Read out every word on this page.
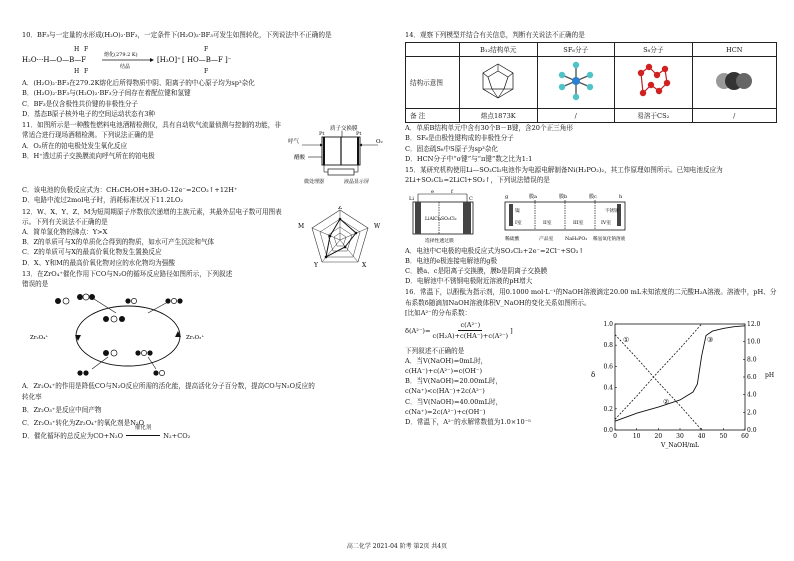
10．BF₃与一定量的水形成(H₂O)₂·BF₃，一定条件下(H₂O)₂·BF₃可发生如图转化，下列说法中不正确的是

H₂O···H—O—B—F
H
H
F
F
熔化(279.2 K)
结晶
[H₃O]⁺ [ HO—B—F ]⁻
F
F

A．(H₂O)₂·BF₃在279.2K熔化后所得物质中阴、阳离子的中心原子均为sp³杂化

B．(H₂O)₂·BF₃与(H₂O)₂·BF₃分子间存在着配位键和氢键

C．BF₃是仅含极性共价键的非极性分子

D．基态B原子核外电子的空间运动状态有3种

11．如图所示是一种酸性燃料电池酒精检测仪，具有自动吹气流量侦测与控制的功能，非常适合进行现场酒精检测。下列说法正确的是

A．O₂所在的铂电极处发生氧化反应

B．H⁺透过质子交换膜流向呼气所在的铂电极

质子交换膜
Pt	Pt
呼气	O₂
醋酸
微处理器	液晶显示屏

C．该电池的负极反应式为：CH₃CH₂OH+3H₂O-12e⁻=2CO₂↑+12H⁺

D．电路中流过2mol电子时，消耗标准状况下11.2LO₂

12．W、X、Y、Z、M为短周期原子序数依次递增的主族元素，其最外层电子数可用图表示。下列有关说法不正确的是

A．简单氢化物的沸点：Y>X

B．Z的单质可与X的单质化合得到的物质，如水可产生沉淀和气体

C．Z的单质可与X的最高价氧化物发生置换反应

D．X、Y和M的最高价氧化物对应的水化物均为强酸

W
X
Y
M
Z

13．在ZrO₄⁺催化作用下CO与N₂O的循环反应路径如图所示，下列叙述

错误的是

Zr₂O₄⁺	Zr₂O₃⁺

A．Zr₂O₄⁺的作用是降低CO与N₂O反应所需的活化能，提高活化分子百分数，提高CO与N₂O反应的

转化率

B．Zr₂O₃⁺是反应中间产物

C．Zr₂O₃⁺转化为Zr₂O₄⁺的氧化剂是N₂O

D．催化循环的总反应为CO+N₂O
催化剂
N₂+CO₂

14．观察下列模型并结合有关信息，判断有关说法不正确的是

	B₁₂结构单元	SF₆分子	S₈分子	HCN
结构示意图				
备 注	熔点1873K	/	易溶于CS₂	/

A．单质B结构单元中含有30个B－B键，含20个正三角形

B．SF₆是由极性键构成的非极性分子

C．固态硫S₈中S原子为sp³杂化

D．HCN分子中“σ键”与“π键”数之比为1:1

15．某研究机构使用Li—SO₂Cl₂电池作为电源电解制备Ni(H₂PO₂)₂，其工作原理如图所示。已知电池反应为2Li+SO₂Cl₂=2LiCl+SO₂↑，下列说法错误的是

Li	C
LiAlCl₄ SO₂Cl₂
选择性透过膜
e	f
g	膜a	膜b	膜c	h
镍	不锈钢
I室	II室	III室	IV室
稀硫酸	产品室 NaH₂PO₂ 稀氢氧化钠溶液

A．电池中C电极的电极反应式为SO₂Cl₂+2e⁻=2Cl⁻+SO₂↑

B．电池的e极连接电解池的g极

C．膜a、c是阳离子交换膜，膜b是阴离子交换膜

D．电解池中不锈钢电极附近溶液的pH增大

16．常温下，以酚酞为指示剂，用0.1000 mol·L⁻¹的NaOH溶液滴定20.00 mL未知浓度的二元酸H₂A溶液。溶液中，pH、分布系数δ随滴加NaOH溶液体积V_NaOH的变化关系如图所示。

[比如A²⁻的分布系数：

$\delta(A^{2-})= \frac{\text{c(A²⁻)}}{\text{c(H₂A)+c(HA⁻)+c(A²⁻)}}$ ]

下列叙述不正确的是

A．当V(NaOH)=0mL时，

c(HA⁻)+c(A²⁻)=c(OH⁻)

B．当V(NaOH)=20.00mL时，

c(Na⁺)<c(HA⁻)+2c(A²⁻)

C．当V(NaOH)=40.00mL时，

c(Na⁺)=2c(A²⁻)+c(OH⁻)

D．常温下，A²⁻的水解常数值为1.0×10⁻⁵

0	10 20 30 40 50 60
0.0
0.2
0.4
0.6
0.8
1.0
0.0
2.0
4.0
6.0
8.0
10.0
12.0
V_NaOH/mL
δ	pH
①
②
③
高二化学 2021-04 阶考 第2页 共4页
